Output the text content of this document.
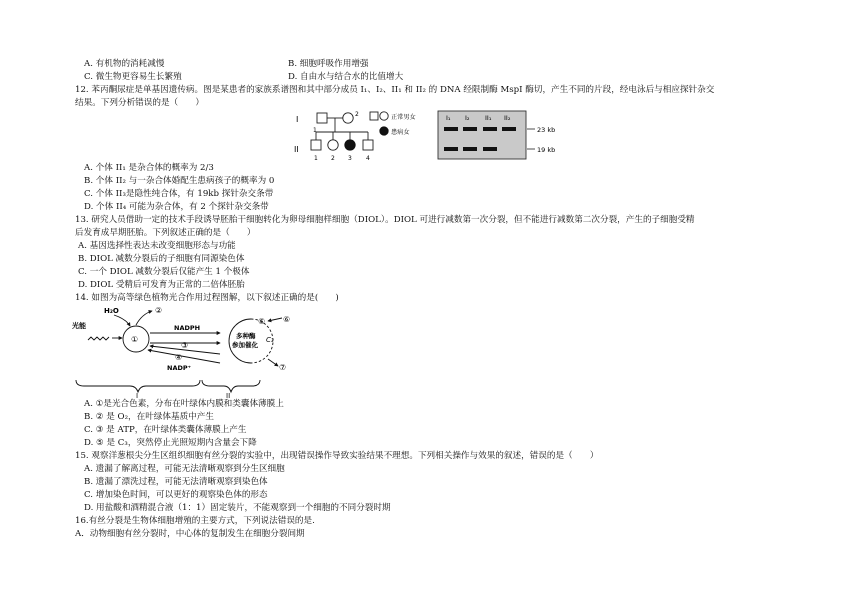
A. 有机物的消耗减慢	B. 细胞呼吸作用增强
C. 微生物更容易生长繁殖	D. 自由水与结合水的比值增大
12. 苯丙酮尿症是单基因遗传病。图是某患者的家族系谱图和其中部分成员 I₁、I₂、II₁ 和 II₂ 的 DNA 经限制酶 MspI 酶切，产生不同的片段，经电泳后与相应探针杂交
结果。下列分析错误的是（　　）
I
II
1
2
1 2 3 4
正常男女
患病女
I₁ I₂ II₁ II₂
23 kb
19 kb
A. 个体 II₁ 是杂合体的概率为 2/3
B. 个体 II₂ 与一杂合体婚配生患病孩子的概率为 0
C. 个体 II₃是隐性纯合体，有 19kb 探针杂交条带
D. 个体 II₄ 可能为杂合体，有 2 个探针杂交条带
13. 研究人员借助一定的技术手段诱导胚胎干细胞转化为卵母细胞样细胞（DIOL）。DIOL 可进行减数第一次分裂，但不能进行减数第二次分裂，产生的子细胞受精
后发育成早期胚胎。下列叙述正确的是（　　）
A. 基因选择性表达未改变细胞形态与功能
B. DIOL 减数分裂后的子细胞有同源染色体
C. 一个 DIOL 减数分裂后仅能产生 1 个极体
D. DIOL 受精后可发育为正常的二倍体胚胎
14. 如图为高等绿色植物光合作用过程图解，以下叙述正确的是(　　)
光能
①
H₂O	②
NADPH
③
④
NADP⁺
多种酶
参加催化
⑤ ⑥
C₃
⑦
I	II
A. ①是光合色素，分布在叶绿体内膜和类囊体薄膜上
B. ② 是 O₂，在叶绿体基质中产生
C. ③ 是 ATP，在叶绿体类囊体薄膜上产生
D. ⑤ 是 C₃，突然停止光照短期内含量会下降
15. 观察洋葱根尖分生区组织细胞有丝分裂的实验中，出现错误操作导致实验结果不理想。下列相关操作与效果的叙述，错误的是（　　）
A. 遗漏了解离过程，可能无法清晰观察到分生区细胞
B. 遗漏了漂洗过程，可能无法清晰观察到染色体
C. 增加染色时间，可以更好的观察染色体的形态
D. 用盐酸和酒精混合液（1：1）固定装片，不能观察到一个细胞的不同分裂时期
16.有丝分裂是生物体细胞增殖的主要方式，下列说法错误的是.
A．动物细胞有丝分裂时，中心体的复制发生在细胞分裂间期
